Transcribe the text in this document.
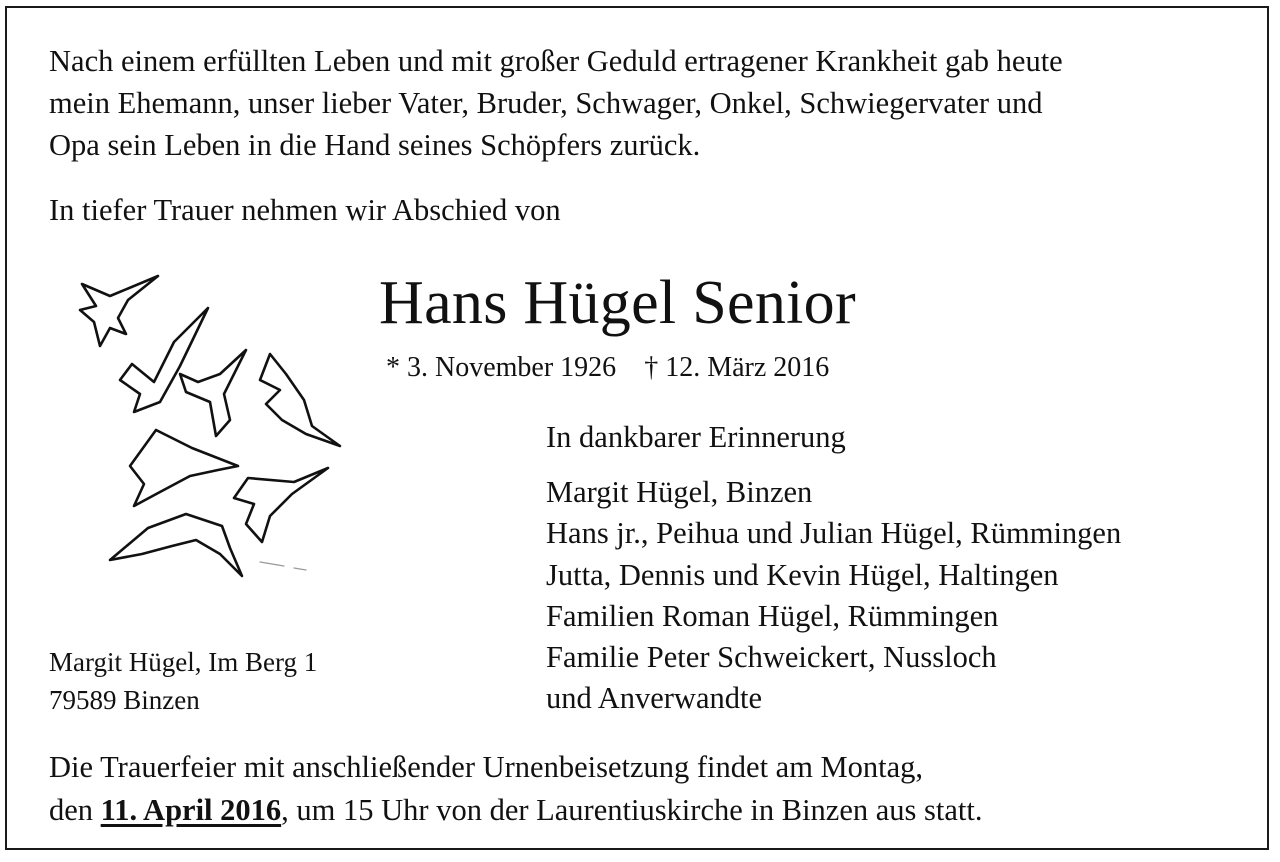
Nach einem erfüllten Leben und mit großer Geduld ertragener Krankheit gab heute
mein Ehemann, unser lieber Vater, Bruder, Schwager, Onkel, Schwiegervater und
Opa sein Leben in die Hand seines Schöpfers zurück.
In tiefer Trauer nehmen wir Abschied von
Hans Hügel Senior
* 3. November 1926 † 12. März 2016
In dankbarer Erinnerung
Margit Hügel, Binzen
Hans jr., Peihua und Julian Hügel, Rümmingen
Jutta, Dennis und Kevin Hügel, Haltingen
Familien Roman Hügel, Rümmingen
Familie Peter Schweickert, Nussloch
und Anverwandte
Margit Hügel, Im Berg 1
79589 Binzen
Die Trauerfeier mit anschließender Urnenbeisetzung findet am Montag,
den 11. April 2016, um 15 Uhr von der Laurentiuskirche in Binzen aus statt.
